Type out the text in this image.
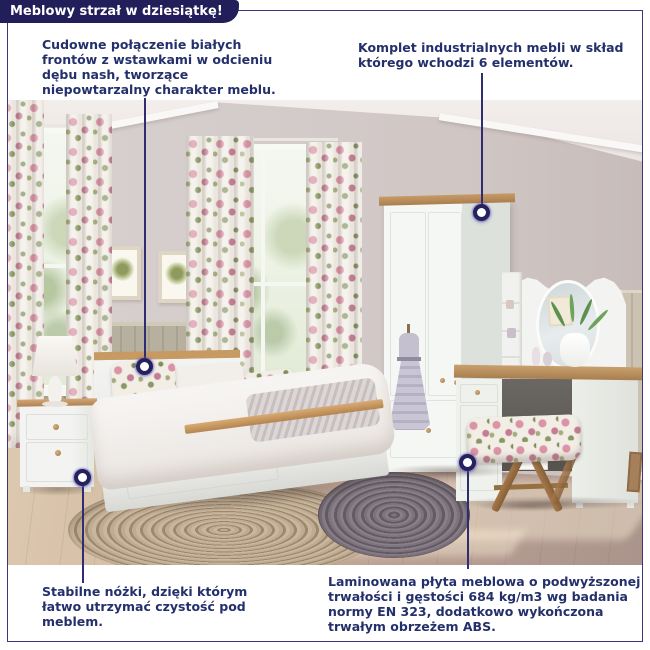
Meblowy strzał w dziesiątkę!
Cudowne połączenie białych
frontów z wstawkami w odcieniu
dębu nash, tworzące
niepowtarzalny charakter meblu.
Komplet industrialnych mebli w skład
którego wchodzi 6 elementów.
Stabilne nóżki, dzięki którym
łatwo utrzymać czystość pod
meblem.
Laminowana płyta meblowa o podwyższonej
trwałości i gęstości 684 kg/m3 wg badania
normy EN 323, dodatkowo wykończona
trwałym obrzeżem ABS.
